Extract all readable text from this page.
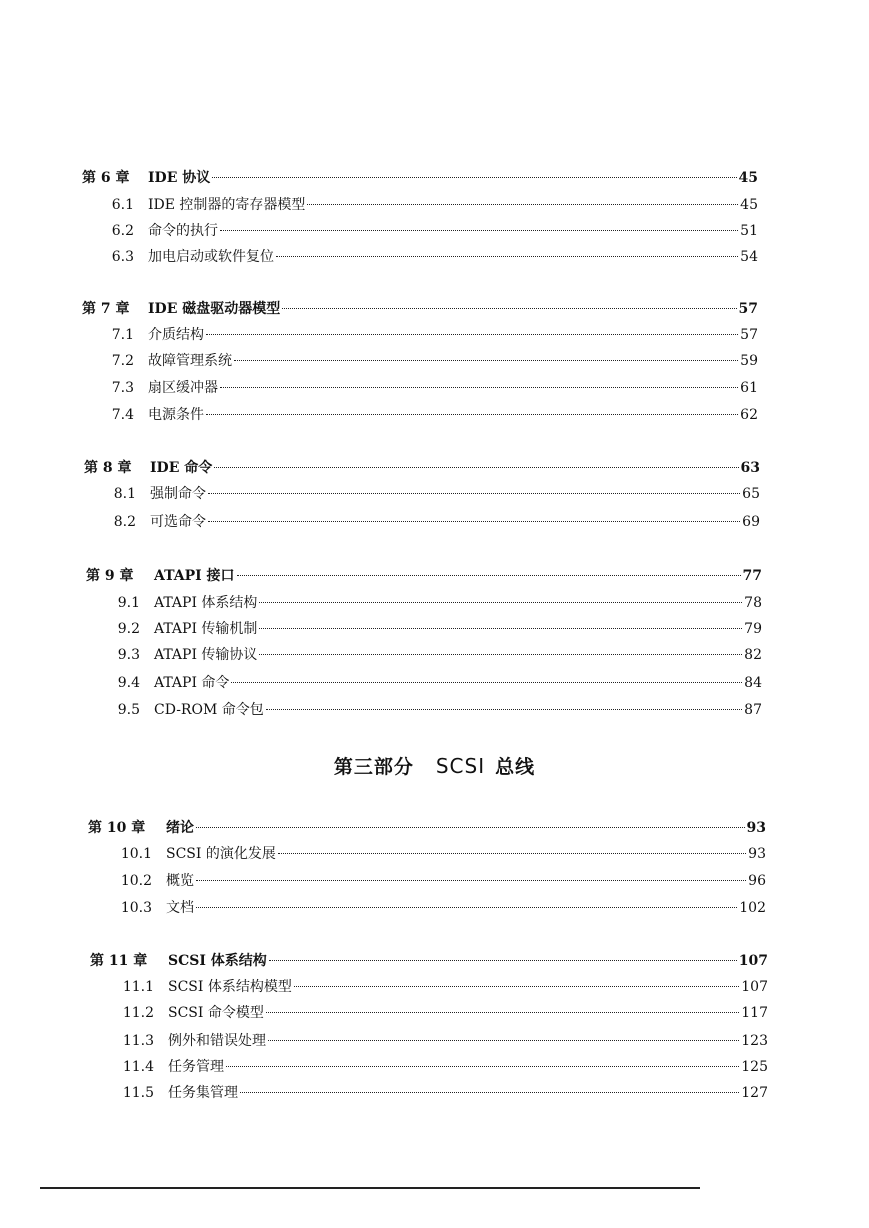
第 6 章	IDE 协议	45
6.1	IDE 控制器的寄存器模型	45
6.2	命令的执行	51
6.3	加电启动或软件复位	54
第 7 章	IDE 磁盘驱动器模型	57
7.1	介质结构	57
7.2	故障管理系统	59
7.3	扇区缓冲器	61
7.4	电源条件	62
第 8 章	IDE 命令	63
8.1	强制命令	65
8.2	可选命令	69
第 9 章	ATAPI 接口	77
9.1	ATAPI 体系结构	78
9.2	ATAPI 传输机制	79
9.3	ATAPI 传输协议	82
9.4	ATAPI 命令	84
9.5	CD-ROM 命令包	87
第三部分 SCSI 总线
第 10 章	绪论	93
10.1	SCSI 的演化发展	93
10.2	概览	96
10.3	文档	102
第 11 章	SCSI 体系结构	107
11.1	SCSI 体系结构模型	107
11.2	SCSI 命令模型	117
11.3	例外和错误处理	123
11.4	任务管理	125
11.5	任务集管理	127
